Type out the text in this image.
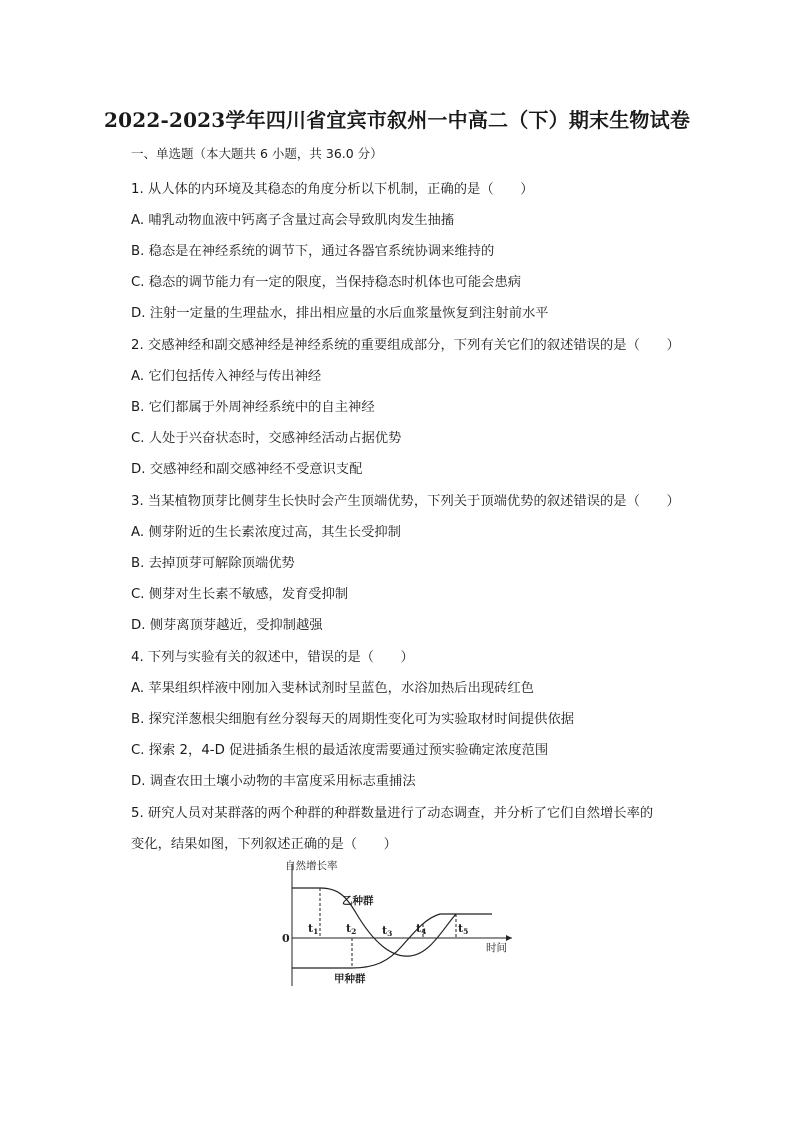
2022-2023学年四川省宜宾市叙州一中高二（下）期末生物试卷
一、单选题（本大题共 6 小题，共 36.0 分）
1. 从人体的内环境及其稳态的角度分析以下机制，正确的是（　　）
A. 哺乳动物血液中钙离子含量过高会导致肌肉发生抽搐
B. 稳态是在神经系统的调节下，通过各器官系统协调来维持的
C. 稳态的调节能力有一定的限度，当保持稳态时机体也可能会患病
D. 注射一定量的生理盐水，排出相应量的水后血浆量恢复到注射前水平
2. 交感神经和副交感神经是神经系统的重要组成部分，下列有关它们的叙述错误的是（　　）
A. 它们包括传入神经与传出神经
B. 它们都属于外周神经系统中的自主神经
C. 人处于兴奋状态时，交感神经活动占据优势
D. 交感神经和副交感神经不受意识支配
3. 当某植物顶芽比侧芽生长快时会产生顶端优势，下列关于顶端优势的叙述错误的是（　　）
A. 侧芽附近的生长素浓度过高，其生长受抑制
B. 去掉顶芽可解除顶端优势
C. 侧芽对生长素不敏感，发育受抑制
D. 侧芽离顶芽越近，受抑制越强
4. 下列与实验有关的叙述中，错误的是（　　）
A. 苹果组织样液中刚加入斐林试剂时呈蓝色，水浴加热后出现砖红色
B. 探究洋葱根尖细胞有丝分裂每天的周期性变化可为实验取材时间提供依据
C. 探索 2，4-D 促进插条生根的最适浓度需要通过预实验确定浓度范围
D. 调查农田土壤小动物的丰富度采用标志重捕法
5. 研究人员对某群落的两个种群的种群数量进行了动态调查，并分析了它们自然增长率的
变化，结果如图，下列叙述正确的是（　　）
自然增长率
时间
0
t1	t2 t3 t4	t5
乙种群
甲种群
